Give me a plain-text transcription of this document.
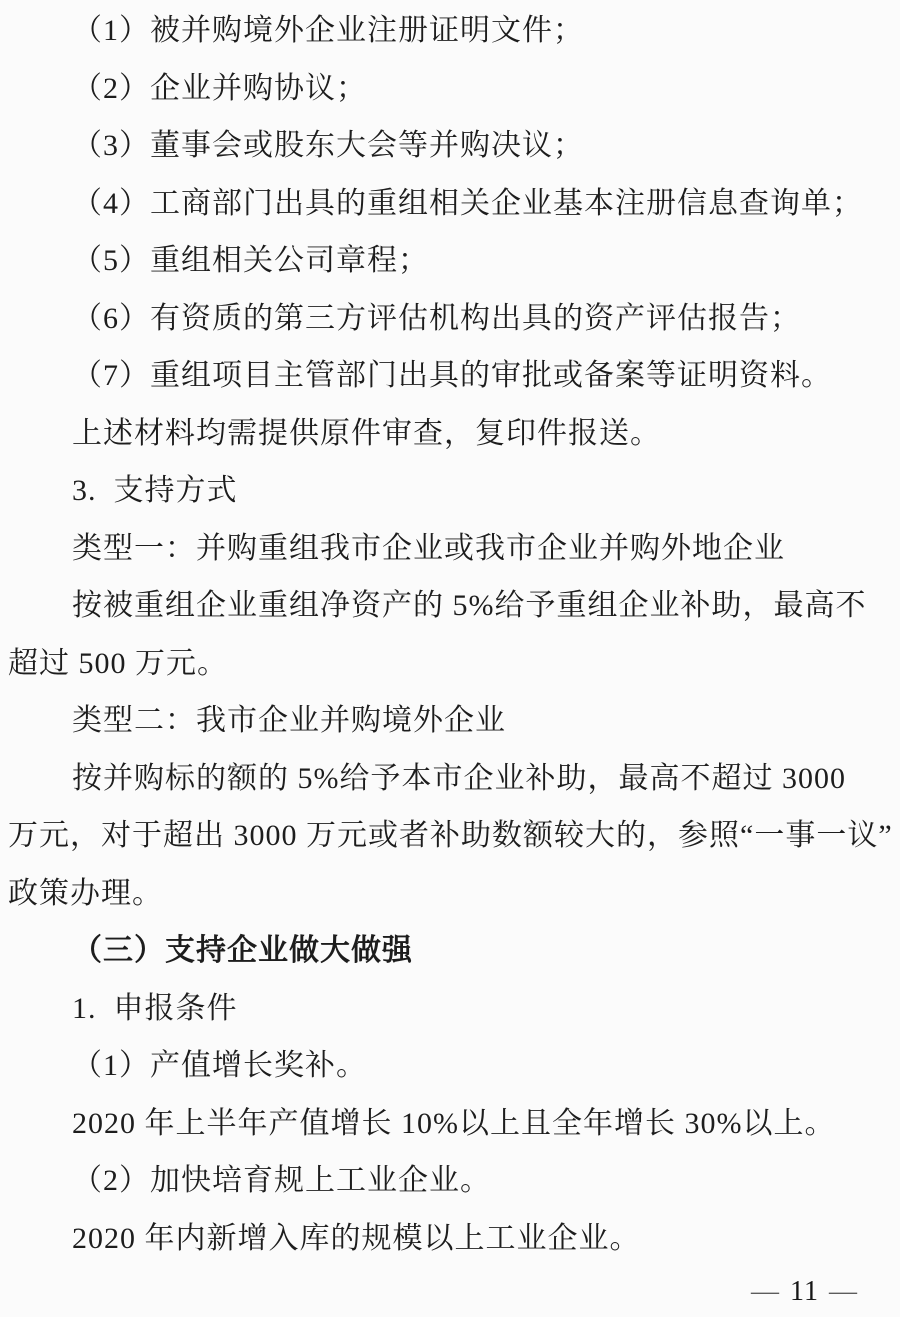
（1）被并购境外企业注册证明文件；
（2）企业并购协议；
（3）董事会或股东大会等并购决议；
（4）工商部门出具的重组相关企业基本注册信息查询单；
（5）重组相关公司章程；
（6）有资质的第三方评估机构出具的资产评估报告；
（7）重组项目主管部门出具的审批或备案等证明资料。
上述材料均需提供原件审查，复印件报送。
3.  支持方式
类型一：并购重组我市企业或我市企业并购外地企业
按被重组企业重组净资产的 5%给予重组企业补助，最高不
超过 500 万元。
类型二：我市企业并购境外企业
按并购标的额的 5%给予本市企业补助，最高不超过 3000
万元，对于超出 3000 万元或者补助数额较大的，参照“一事一议”
政策办理。
（三）支持企业做大做强
1.  申报条件
（1）产值增长奖补。
2020 年上半年产值增长 10%以上且全年增长 30%以上。
（2）加快培育规上工业企业。
2020 年内新增入库的规模以上工业企业。
— 11 —
